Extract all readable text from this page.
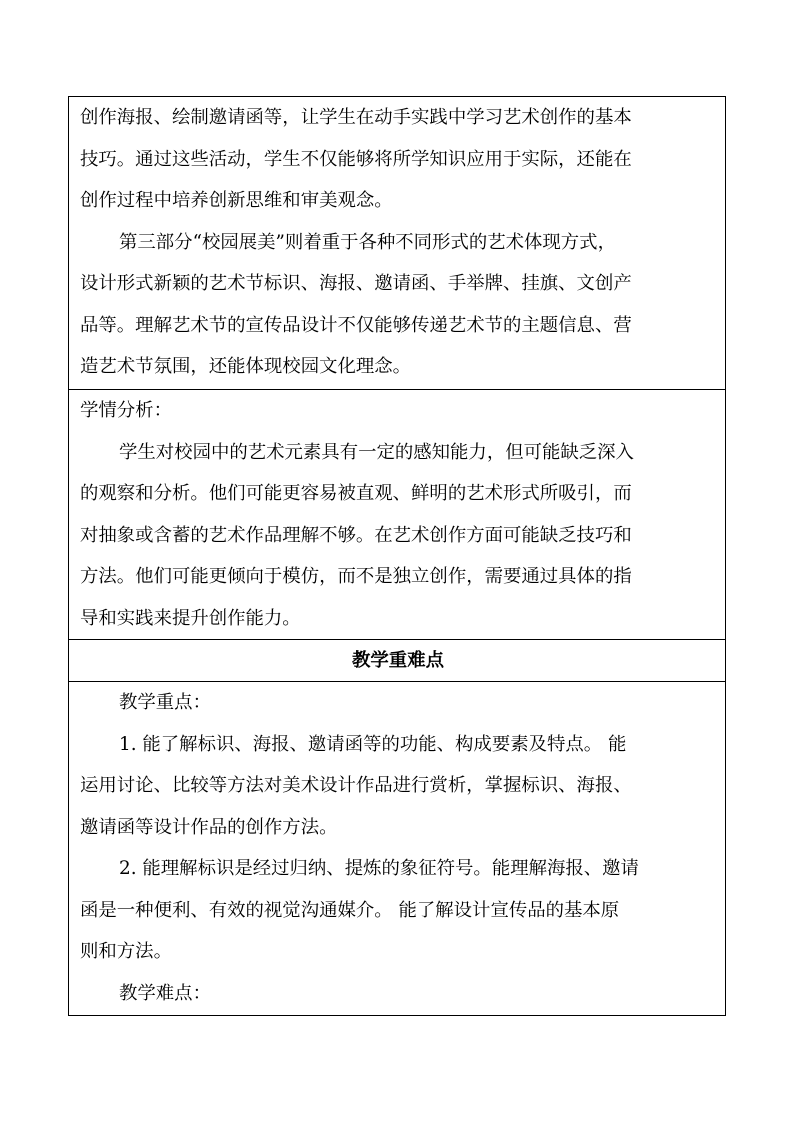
创作海报、绘制邀请函等，让学生在动手实践中学习艺术创作的基本

技巧。通过这些活动，学生不仅能够将所学知识应用于实际，还能在

创作过程中培养创新思维和审美观念。

第三部分“校园展美”则着重于各种不同形式的艺术体现方式，

设计形式新颖的艺术节标识、海报、邀请函、手举牌、挂旗、文创产

品等。理解艺术节的宣传品设计不仅能够传递艺术节的主题信息、营

造艺术节氛围，还能体现校园文化理念。

学情分析：

学生对校园中的艺术元素具有一定的感知能力，但可能缺乏深入

的观察和分析。他们可能更容易被直观、鲜明的艺术形式所吸引，而

对抽象或含蓄的艺术作品理解不够。在艺术创作方面可能缺乏技巧和

方法。他们可能更倾向于模仿，而不是独立创作，需要通过具体的指

导和实践来提升创作能力。

教学重难点

教学重点：

1. 能了解标识、海报、邀请函等的功能、构成要素及特点。 能

运用讨论、比较等方法对美术设计作品进行赏析，掌握标识、海报、

邀请函等设计作品的创作方法。

2. 能理解标识是经过归纳、提炼的象征符号。能理解海报、邀请

函是一种便利、有效的视觉沟通媒介。 能了解设计宣传品的基本原

则和方法。

教学难点：
